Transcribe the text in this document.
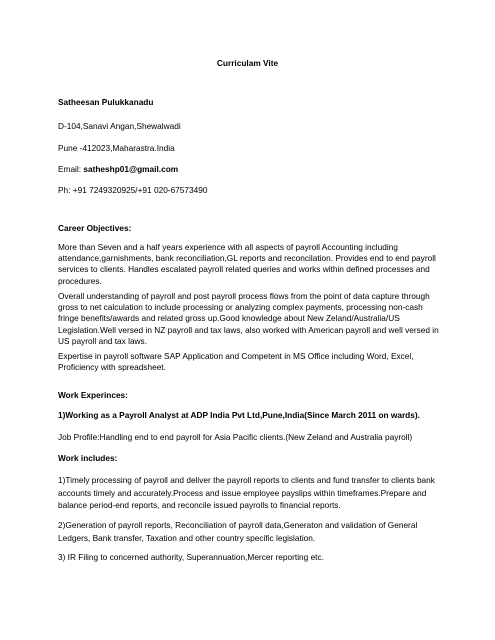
Curriculam Vite
Satheesan Pulukkanadu
D-104,Sanavi Angan,Shewalwadi
Pune -412023,Maharastra.India
Email: satheshp01@gmail.com
Ph: +91 7249320925/+91 020-67573490
Career Objectives:

More than Seven and a half years experience with all aspects of payroll Accounting including

attendance,garnishments, bank reconciliation,GL reports and reconcilation. Provides end to end payroll

services to clients. Handles escalated payroll related queries and works within defined processes and

procedures.

Overall understanding of payroll and post payroll process flows from the point of data capture through

gross to net calculation to include processing or analyzing complex payments, processing non-cash

fringe benefits/awards and related gross up.Good knowledge about New Zeland/Australia/US

Legislation.Well versed in NZ payroll and tax laws, also worked with American payroll and well versed in

US payroll and tax laws.

Expertise in payroll software SAP Application and Competent in MS Office including Word, Excel,

Proficiency with spreadsheet.

Work Experinces:
1)Working as a Payroll Analyst at ADP India Pvt Ltd,Pune,India(Since March 2011 on wards).
Job Profile:Handling end to end payroll for Asia Pacific clients.(New Zeland and Australia payroll)
Work includes:

1)Timely processing of payroll and deliver the payroll reports to clients and fund transfer to clients bank

accounts timely and accurately.Process and issue employee payslips within timeframes.Prepare and

balance period-end reports, and reconcile issued payrolls to financial reports.

2)Generation of payroll reports, Reconciliation of payroll data,Generaton and validation of General

Ledgers, Bank transfer, Taxation and other country specific legislation.

3) IR Filing to concerned authority, Superannuation,Mercer reporting etc.
